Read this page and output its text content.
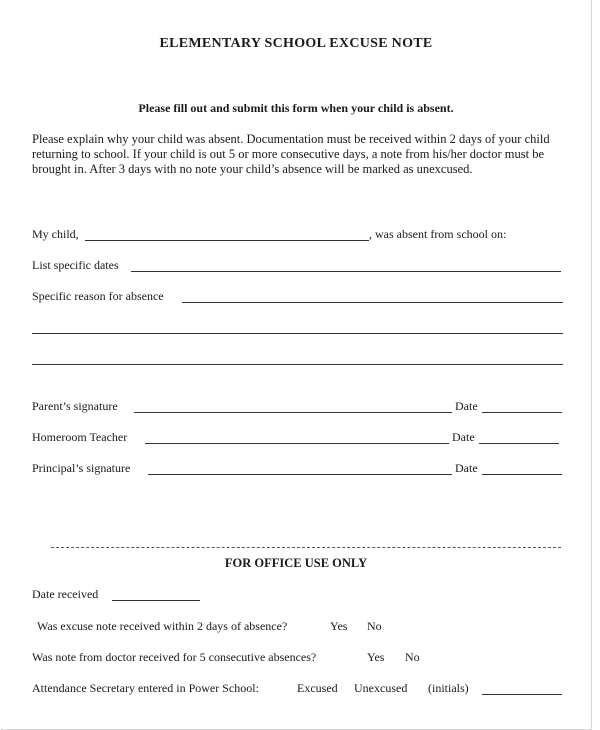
ELEMENTARY SCHOOL EXCUSE NOTE
Please fill out and submit this form when your child is absent.
Please explain why your child was absent. Documentation must be received within 2 days of your child returning to school. If your child is out 5 or more consecutive days, a note from his/her doctor must be brought in. After 3 days with no note your child’s absence will be marked as unexcused.
My child,	, was absent from school on:
List specific dates
Specific reason for absence
Parent’s signature	Date
Homeroom Teacher	Date
Principal’s signature	Date
FOR OFFICE USE ONLY
Date received
Was excuse note received within 2 days of absence?	Yes No
Was note from doctor received for 5 consecutive absences?	Yes No
Attendance Secretary entered in Power School:	Excused Unexcused (initials)
